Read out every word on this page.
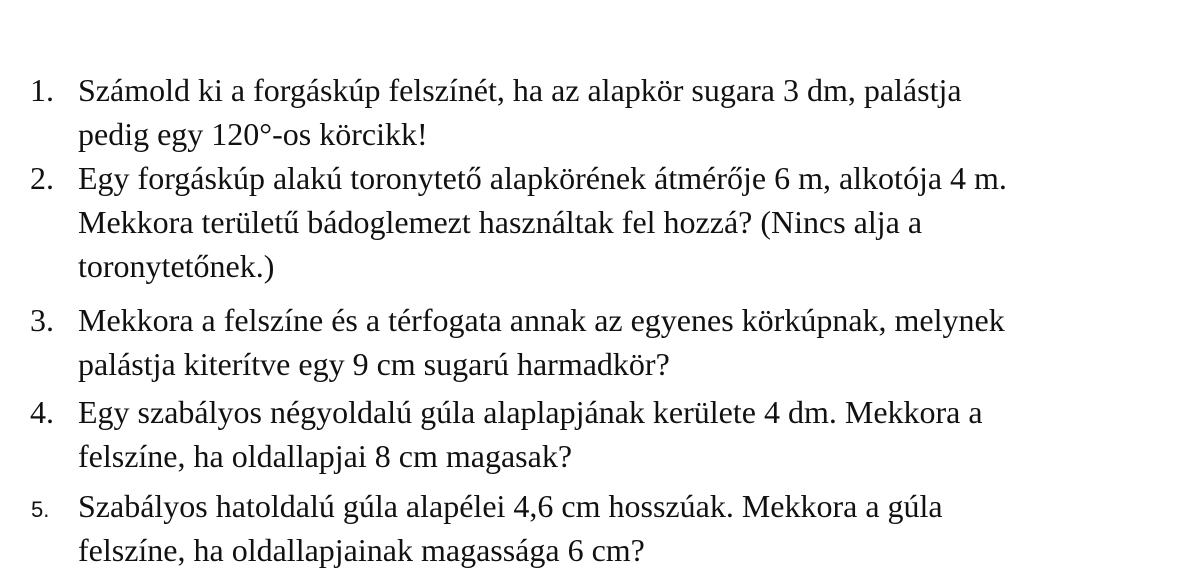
1. Számold ki a forgáskúp felszínét, ha az alapkör sugara 3 dm, palástja
pedig egy 120°-os körcikk!
2. Egy forgáskúp alakú toronytető alapkörének átmérője 6 m, alkotója 4 m.
Mekkora területű bádoglemezt használtak fel hozzá? (Nincs alja a
toronytetőnek.)
3. Mekkora a felszíne és a térfogata annak az egyenes körkúpnak, melynek
palástja kiterítve egy 9 cm sugarú harmadkör?
4. Egy szabályos négyoldalú gúla alaplapjának kerülete 4 dm. Mekkora a
felszíne, ha oldallapjai 8 cm magasak?
5. Szabályos hatoldalú gúla alapélei 4,6 cm hosszúak. Mekkora a gúla
felszíne, ha oldallapjainak magassága 6 cm?
